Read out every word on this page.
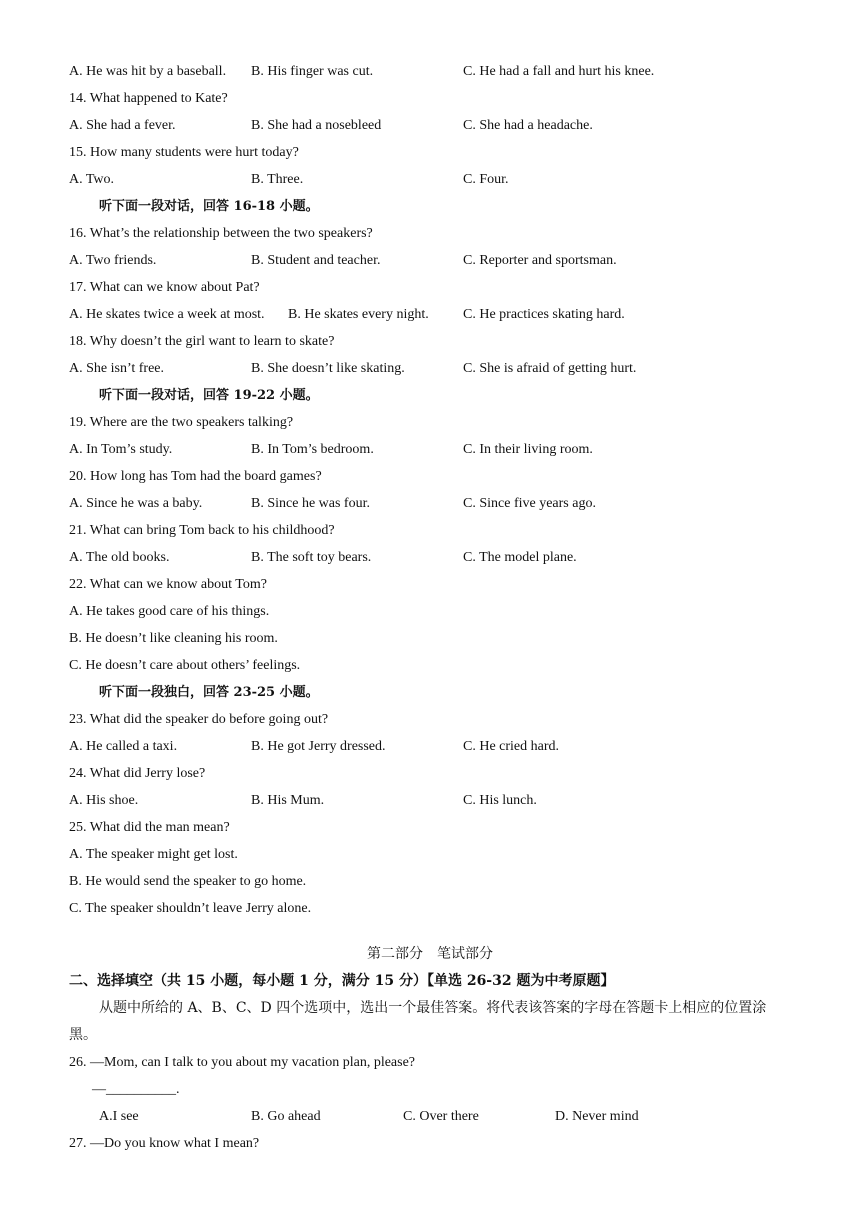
A. He was hit by a baseball. B. His finger was cut.	C. He had a fall and hurt his knee.
14. What happened to Kate?
A. She had a fever.	B. She had a nosebleed	C. She had a headache.
15. How many students were hurt today?
A. Two.	B. Three.	C. Four.
听下面一段对话，回答 16-18 小题。
16. What’s the relationship between the two speakers?
A. Two friends.	B. Student and teacher.	C. Reporter and sportsman.
17. What can we know about Pat?
A. He skates twice a week at most. B. He skates every night. C. He practices skating hard.
18. Why doesn’t the girl want to learn to skate?
A. She isn’t free.	B. She doesn’t like skating.	C. She is afraid of getting hurt.
听下面一段对话，回答 19-22 小题。
19. Where are the two speakers talking?
A. In Tom’s study.	B. In Tom’s bedroom.	C. In their living room.
20. How long has Tom had the board games?
A. Since he was a baby.	B. Since he was four.	C. Since five years ago.
21. What can bring Tom back to his childhood?
A. The old books.	B. The soft toy bears.	C. The model plane.
22. What can we know about Tom?
A. He takes good care of his things.
B. He doesn’t like cleaning his room.
C. He doesn’t care about others’ feelings.
听下面一段独白，回答 23-25 小题。
23. What did the speaker do before going out?
A. He called a taxi.	B. He got Jerry dressed.	C. He cried hard.
24. What did Jerry lose?
A. His shoe.	B. His Mum.	C. His lunch.
25. What did the man mean?
A. The speaker might get lost.
B. He would send the speaker to go home.
C. The speaker shouldn’t leave Jerry alone.
第二部分　笔试部分
二、选择填空（共 15 小题，每小题 1 分，满分 15 分）【单选 26-32 题为中考原题】
从题中所给的 A、B、C、D 四个选项中，选出一个最佳答案。将代表该答案的字母在答题卡上相应的位置涂黑。
26. —Mom, can I talk to you about my vacation plan, please?
—__________.
A.I see	B. Go ahead	C. Over there	D. Never mind
27. —Do you know what I mean?
